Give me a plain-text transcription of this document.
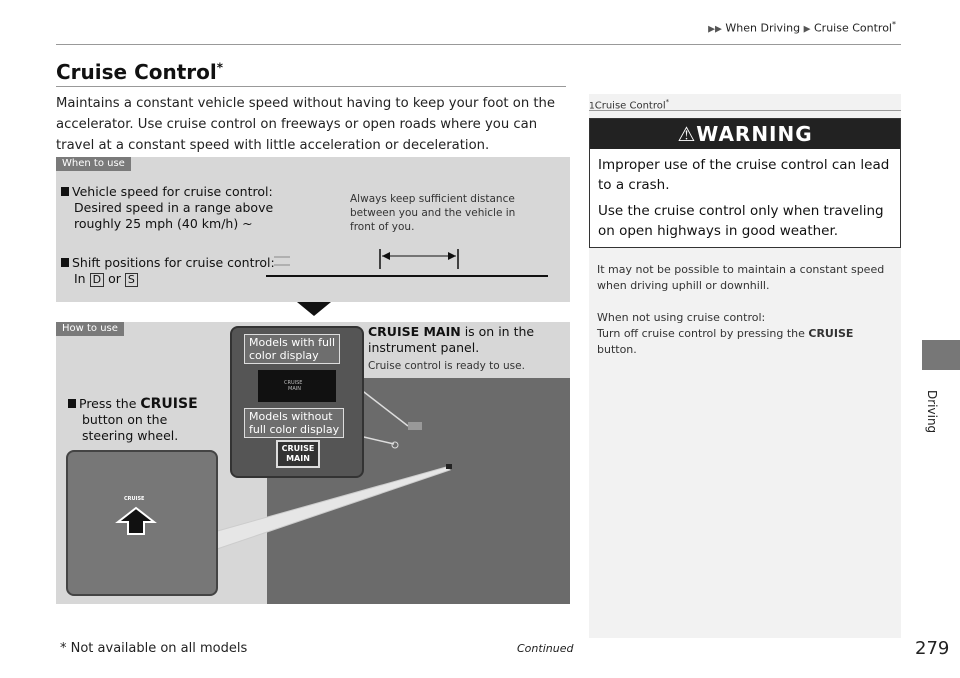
▶▶ When Driving ▶ Cruise Control*
Cruise Control*
Maintains a constant vehicle speed without having to keep your foot on the accelerator. Use cruise control on freeways or open roads where you can travel at a constant speed with little acceleration or deceleration.
Driving
When to use
Vehicle speed for cruise control:
Desired speed in a range above
roughly 25 mph (40 km/h) ~
Always keep sufficient distance
between you and the vehicle in
front of you.
Shift positions for cruise control:
In D or S
How to use
Press the CRUISE
button on the
steering wheel.
CRUISE MAIN is on in the
instrument panel.
Cruise control is ready to use.
Models with full
color display
CRUISE
MAIN
Models without
full color display
CRUISE
MAIN
CRUISE
1Cruise Control*
⚠WARNING

Improper use of the cruise control can lead to a crash.

Use the cruise control only when traveling on open highways in good weather.

It may not be possible to maintain a constant speed when driving uphill or downhill.
When not using cruise control:
Turn off cruise control by pressing the CRUISE
button.
* Not available on all models	Continued	279
